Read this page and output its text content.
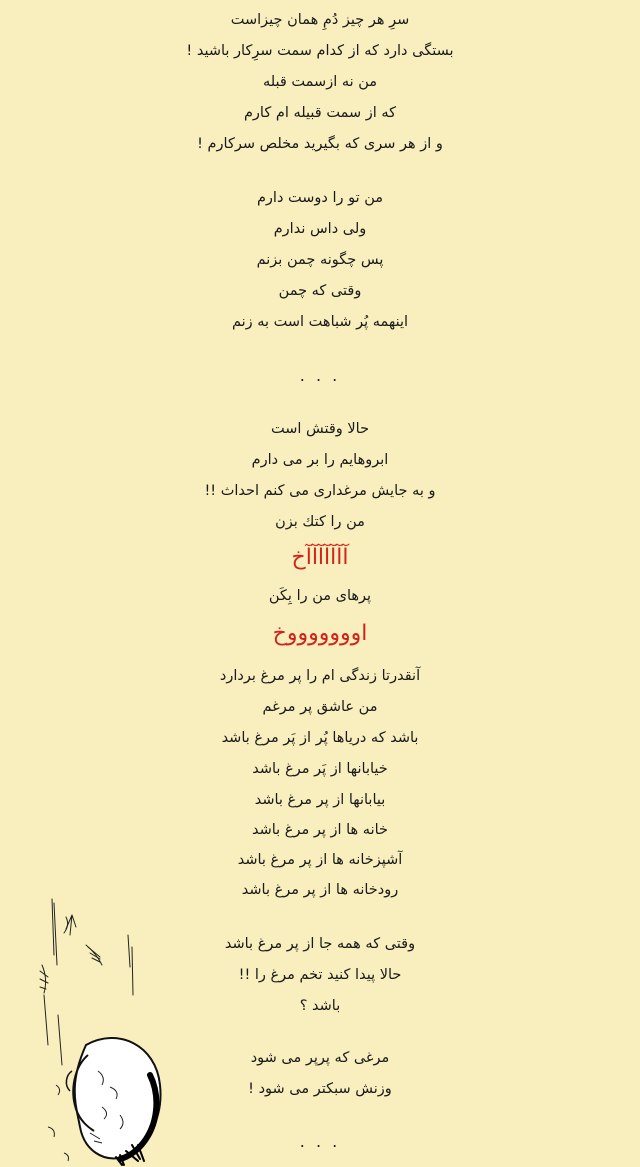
سرِ هر چیز دُمِ همان چیزاست
بستگی دارد که از کدام سمت سرِکار باشید !
من نه ازسمت قبله
که از سمت قبیله ام کارم
و از هر سری که بگیرید مخلص سرکارم !
من تو را دوست دارم
ولی داس ندارم
پس چگونه چمن بزنم
وقتی که چمن
اینهمه پُر شباهت است به زنم
. . .
حالا وقتش است
ابروهایم را بر می دارم
و به جایش مرغداری می کنم احداث !!
من را کتك بزن
آآآآآآآخ
پرهای من را بِکَن
اوووووووخ
آنقدرتا زندگی ام را پر مرغ بردارد
من عاشق پر مرغم
باشد که دریاها پُر از پَر مرغ باشد
خیابانها از پَر مرغ باشد
بیابانها از پر مرغ باشد
خانه ها از پر مرغ باشد
آشپزخانه ها از پر مرغ باشد
رودخانه ها از پر مرغ باشد
وقتی که همه جا از پر مرغ باشد
حالا پیدا کنید تخم مرغ را !!
باشد ؟
مرغی که پرپر می شود
وزنش سبکتر می شود !
. . .
